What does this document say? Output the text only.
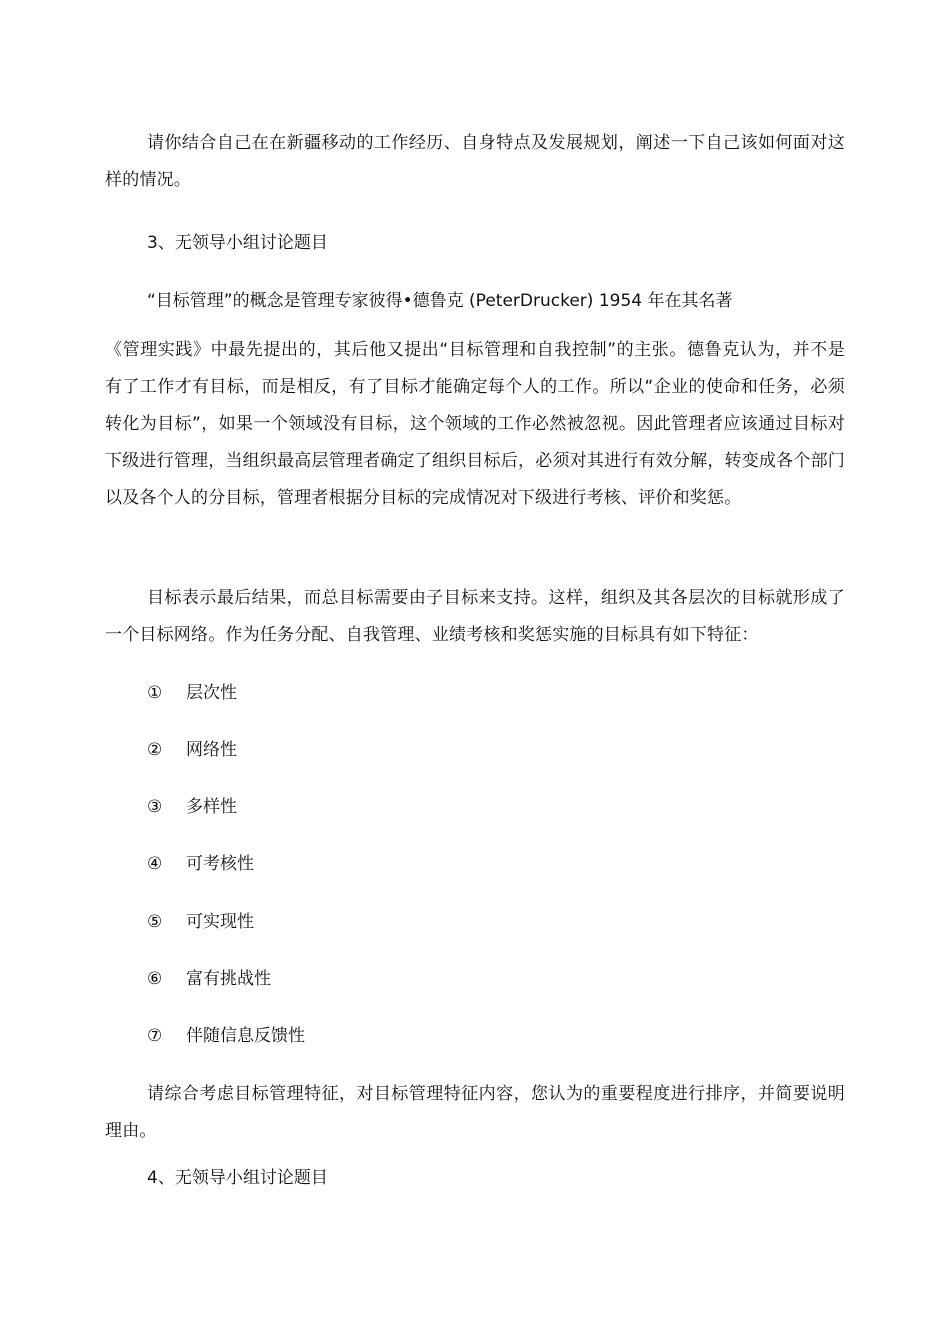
请你结合自己在在新疆移动的工作经历、自身特点及发展规划，阐述一下自己该如何面对这样的情况。

3、无领导小组讨论题目

“目标管理”的概念是管理专家彼得•德鲁克 (PeterDrucker) 1954 年在其名著

《管理实践》中最先提出的，其后他又提出“目标管理和自我控制”的主张。德鲁克认为，并不是有了工作才有目标，而是相反，有了目标才能确定每个人的工作。所以“企业的使命和任务，必须转化为目标”，如果一个领域没有目标，这个领域的工作必然被忽视。因此管理者应该通过目标对下级进行管理，当组织最高层管理者确定了组织目标后，必须对其进行有效分解，转变成各个部门以及各个人的分目标，管理者根据分目标的完成情况对下级进行考核、评价和奖惩。

目标表示最后结果，而总目标需要由子目标来支持。这样，组织及其各层次的目标就形成了一个目标网络。作为任务分配、自我管理、业绩考核和奖惩实施的目标具有如下特征：

① 层次性
② 网络性
③ 多样性
④ 可考核性
⑤ 可实现性
⑥ 富有挑战性
⑦ 伴随信息反馈性

请综合考虑目标管理特征，对目标管理特征内容，您认为的重要程度进行排序，并简要说明理由。

4、无领导小组讨论题目
